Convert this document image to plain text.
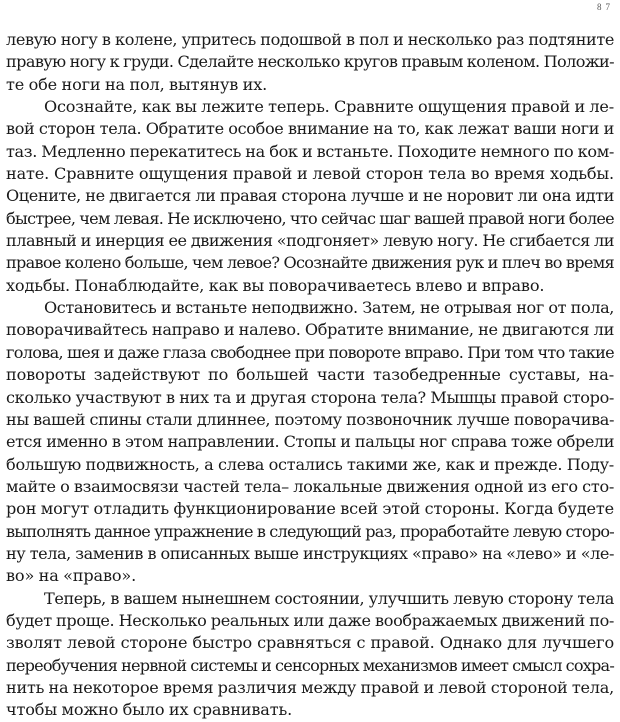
87
левую ногу в колене, упритесь подошвой в пол и несколько раз подтяните
правую ногу к груди. Сделайте несколько кругов правым коленом. Положи-
те обе ноги на пол, вытянув их.
Осознайте, как вы лежите теперь. Сравните ощущения правой и ле-
вой сторон тела. Обратите особое внимание на то, как лежат ваши ноги и
таз. Медленно перекатитесь на бок и встаньте. Походите немного по ком-
нате. Сравните ощущения правой и левой сторон тела во время ходьбы.
Оцените, не двигается ли правая сторона лучше и не норовит ли она идти
быстрее, чем левая. Не исключено, что сейчас шаг вашей правой ноги более
плавный и инерция ее движения «подгоняет» левую ногу. Не сгибается ли
правое колено больше, чем левое? Осознайте движения рук и плеч во время
ходьбы. Понаблюдайте, как вы поворачиваетесь влево и вправо.
Остановитесь и встаньте неподвижно. Затем, не отрывая ног от пола,
поворачивайтесь направо и налево. Обратите внимание, не двигаются ли
голова, шея и даже глаза свободнее при повороте вправо. При том что такие
повороты задействуют по большей части тазобедренные суставы, на-
сколько участвуют в них та и другая сторона тела? Мышцы правой сторо-
ны вашей спины стали длиннее, поэтому позвоночник лучше поворачива-
ется именно в этом направлении. Стопы и пальцы ног справа тоже обрели
большую подвижность, а слева остались такими же, как и прежде. Поду-
майте о взаимосвязи частей тела– локальные движения одной из его сто-
рон могут отладить функционирование всей этой стороны. Когда будете
выполнять данное упражнение в следующий раз, проработайте левую сторо-
ну тела, заменив в описанных выше инструкциях «право» на «лево» и «ле-
во» на «право».
Теперь, в вашем нынешнем состоянии, улучшить левую сторону тела
будет проще. Несколько реальных или даже воображаемых движений по-
зволят левой стороне быстро сравняться с правой. Однако для лучшего
переобучения нервной системы и сенсорных механизмов имеет смысл сохра-
нить на некоторое время различия между правой и левой стороной тела,
чтобы можно было их сравнивать.
